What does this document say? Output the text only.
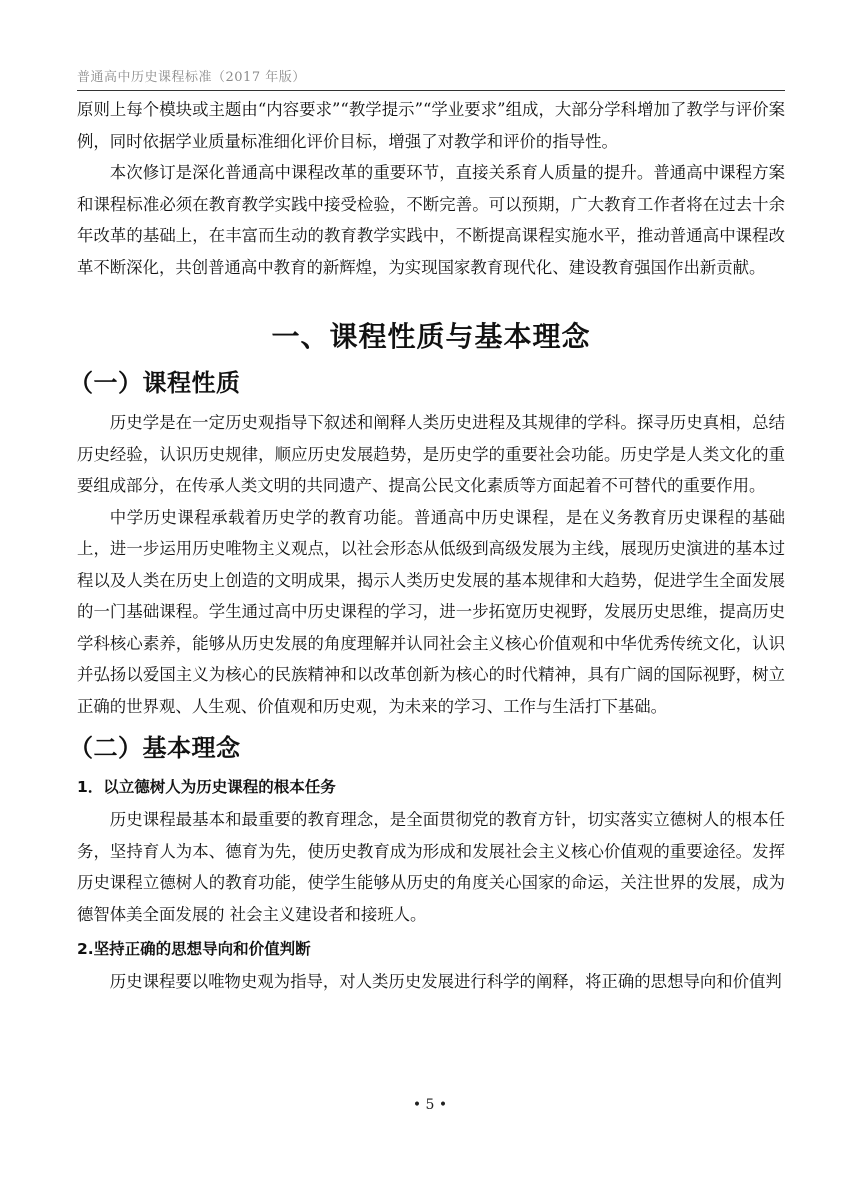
普通高中历史课程标准（2017 年版）

原则上每个模块或主题由“内容要求”“教学提示”“学业要求”组成，大部分学科增加了教学与评价案例，同时依据学业质量标准细化评价目标，增强了对教学和评价的指导性。

本次修订是深化普通高中课程改革的重要环节，直接关系育人质量的提升。普通高中课程方案和课程标准必须在教育教学实践中接受检验，不断完善。可以预期，广大教育工作者将在过去十余年改革的基础上，在丰富而生动的教育教学实践中，不断提高课程实施水平，推动普通高中课程改革不断深化，共创普通高中教育的新辉煌，为实现国家教育现代化、建设教育强国作出新贡献。

一、课程性质与基本理念
（一）课程性质

历史学是在一定历史观指导下叙述和阐释人类历史进程及其规律的学科。探寻历史真相，总结历史经验，认识历史规律，顺应历史发展趋势，是历史学的重要社会功能。历史学是人类文化的重要组成部分，在传承人类文明的共同遗产、提高公民文化素质等方面起着不可替代的重要作用。

中学历史课程承载着历史学的教育功能。普通高中历史课程，是在义务教育历史课程的基础上，进一步运用历史唯物主义观点，以社会形态从低级到高级发展为主线，展现历史演进的基本过程以及人类在历史上创造的文明成果，揭示人类历史发展的基本规律和大趋势，促进学生全面发展的一门基础课程。学生通过高中历史课程的学习，进一步拓宽历史视野，发展历史思维，提高历史学科核心素养，能够从历史发展的角度理解并认同社会主义核心价值观和中华优秀传统文化，认识并弘扬以爱国主义为核心的民族精神和以改革创新为核心的时代精神，具有广阔的国际视野，树立正确的世界观、人生观、价值观和历史观，为未来的学习、工作与生活打下基础。

（二）基本理念
1．以立德树人为历史课程的根本任务

历史课程最基本和最重要的教育理念，是全面贯彻党的教育方针，切实落实立德树人的根本任务，坚持育人为本、德育为先，使历史教育成为形成和发展社会主义核心价值观的重要途径。发挥历史课程立德树人的教育功能，使学生能够从历史的角度关心国家的命运，关注世界的发展，成为德智体美全面发展的 社会主义建设者和接班人。

2.坚持正确的思想导向和价值判断

历史课程要以唯物史观为指导，对人类历史发展进行科学的阐释，将正确的思想导向和价值判

• 5 •
